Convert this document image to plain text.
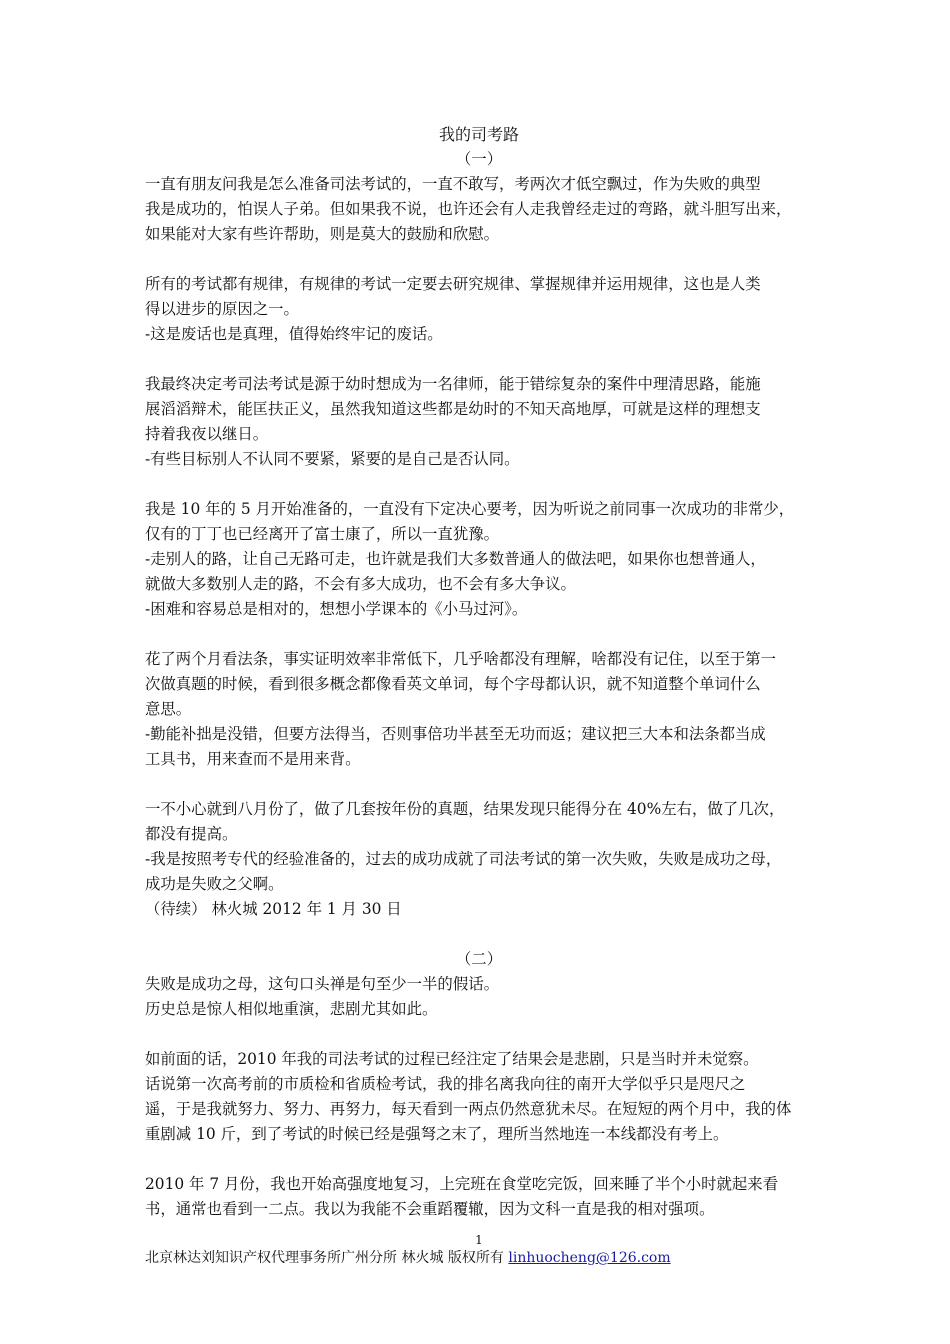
我的司考路
（一）
一直有朋友问我是怎么准备司法考试的，一直不敢写，考两次才低空飘过，作为失败的典型
我是成功的，怕误人子弟。但如果我不说，也许还会有人走我曾经走过的弯路，就斗胆写出来，
如果能对大家有些许帮助，则是莫大的鼓励和欣慰。
所有的考试都有规律，有规律的考试一定要去研究规律、掌握规律并运用规律，这也是人类
得以进步的原因之一。
-这是废话也是真理，值得始终牢记的废话。
我最终决定考司法考试是源于幼时想成为一名律师，能于错综复杂的案件中理清思路，能施
展滔滔辩术，能匡扶正义，虽然我知道这些都是幼时的不知天高地厚，可就是这样的理想支
持着我夜以继日。
-有些目标别人不认同不要紧，紧要的是自己是否认同。
我是 10 年的 5 月开始准备的，一直没有下定决心要考，因为听说之前同事一次成功的非常少，
仅有的丁丁也已经离开了富士康了，所以一直犹豫。
-走别人的路，让自己无路可走，也许就是我们大多数普通人的做法吧，如果你也想普通人，
就做大多数别人走的路，不会有多大成功，也不会有多大争议。
-困难和容易总是相对的，想想小学课本的《小马过河》。
花了两个月看法条，事实证明效率非常低下，几乎啥都没有理解，啥都没有记住，以至于第一
次做真题的时候，看到很多概念都像看英文单词，每个字母都认识，就不知道整个单词什么
意思。
-勤能补拙是没错，但要方法得当，否则事倍功半甚至无功而返；建议把三大本和法条都当成
工具书，用来查而不是用来背。
一不小心就到八月份了，做了几套按年份的真题，结果发现只能得分在 40%左右，做了几次，
都没有提高。
-我是按照考专代的经验准备的，过去的成功成就了司法考试的第一次失败，失败是成功之母，
成功是失败之父啊。
（待续） 林火城 2012 年 1 月 30 日
（二）
失败是成功之母，这句口头禅是句至少一半的假话。
历史总是惊人相似地重演，悲剧尤其如此。
如前面的话，2010 年我的司法考试的过程已经注定了结果会是悲剧，只是当时并未觉察。
话说第一次高考前的市质检和省质检考试，我的排名离我向往的南开大学似乎只是咫尺之
遥，于是我就努力、努力、再努力，每天看到一两点仍然意犹未尽。在短短的两个月中，我的体
重剧减 10 斤，到了考试的时候已经是强弩之末了，理所当然地连一本线都没有考上。
2010 年 7 月份，我也开始高强度地复习，上完班在食堂吃完饭，回来睡了半个小时就起来看
书，通常也看到一二点。我以为我能不会重蹈覆辙，因为文科一直是我的相对强项。
1
北京林达刘知识产权代理事务所广州分所 林火城 版权所有 linhuocheng@126.com
